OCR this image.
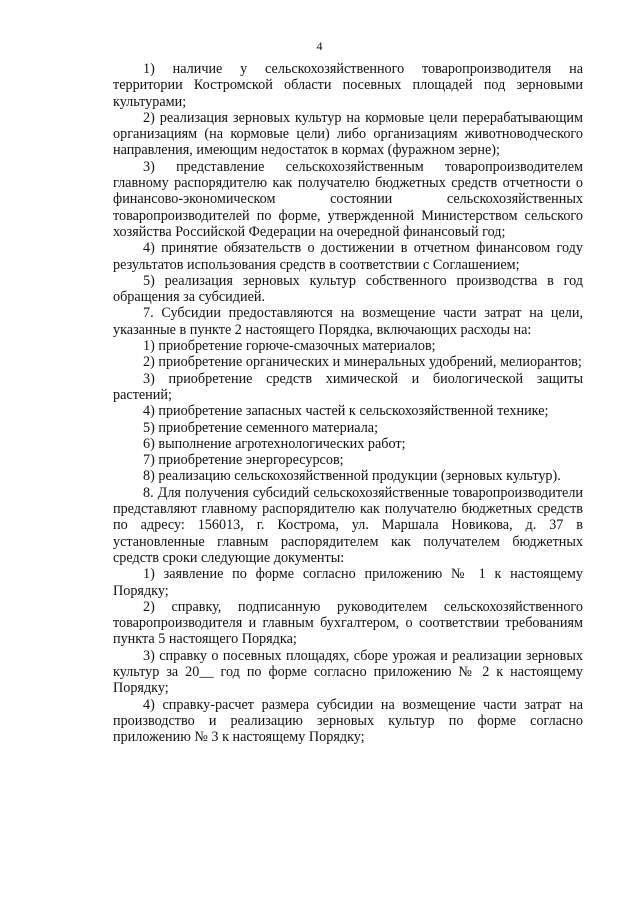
4

1) наличие у сельскохозяйственного товаропроизводителя на территории Костромской области посевных площадей под зерновыми культурами;

2) реализация зерновых культур на кормовые цели перерабатывающим организациям (на кормовые цели) либо организациям животноводческого направления, имеющим недостаток в кормах (фуражном зерне);

3) представление сельскохозяйственным товаропроизводителем главному распорядителю как получателю бюджетных средств отчетности о финансово-экономическом состоянии сельскохозяйственных товаропроизводителей по форме, утвержденной Министерством сельского хозяйства Российской Федерации на очередной финансовый год;

4) принятие обязательств о достижении в отчетном финансовом году результатов использования средств в соответствии с Соглашением;

5) реализация зерновых культур собственного производства в год обращения за субсидией.

7. Субсидии предоставляются на возмещение части затрат на цели, указанные в пункте 2 настоящего Порядка, включающих расходы на:

1) приобретение горюче-смазочных материалов;

2) приобретение органических и минеральных удобрений, мелиорантов;

3) приобретение средств химической и биологической защиты растений;

4) приобретение запасных частей к сельскохозяйственной технике;

5) приобретение семенного материала;

6) выполнение агротехнологических работ;

7) приобретение энергоресурсов;

8) реализацию сельскохозяйственной продукции (зерновых культур).

8. Для получения субсидий сельскохозяйственные товаропроизводители представляют главному распорядителю как получателю бюджетных средств по адресу: 156013, г. Кострома, ул. Маршала Новикова, д. 37 в установленные главным распорядителем как получателем бюджетных средств сроки следующие документы:

1) заявление по форме согласно приложению № 1 к настоящему Порядку;

2) справку, подписанную руководителем сельскохозяйственного товаропроизводителя и главным бухгалтером, о соответствии требованиям пункта 5 настоящего Порядка;

3) справку о посевных площадях, сборе урожая и реализации зерновых культур за 20__ год по форме согласно приложению № 2 к настоящему Порядку;

4) справку-расчет размера субсидии на возмещение части затрат на производство и реализацию зерновых культур по форме согласно приложению № 3 к настоящему Порядку;
